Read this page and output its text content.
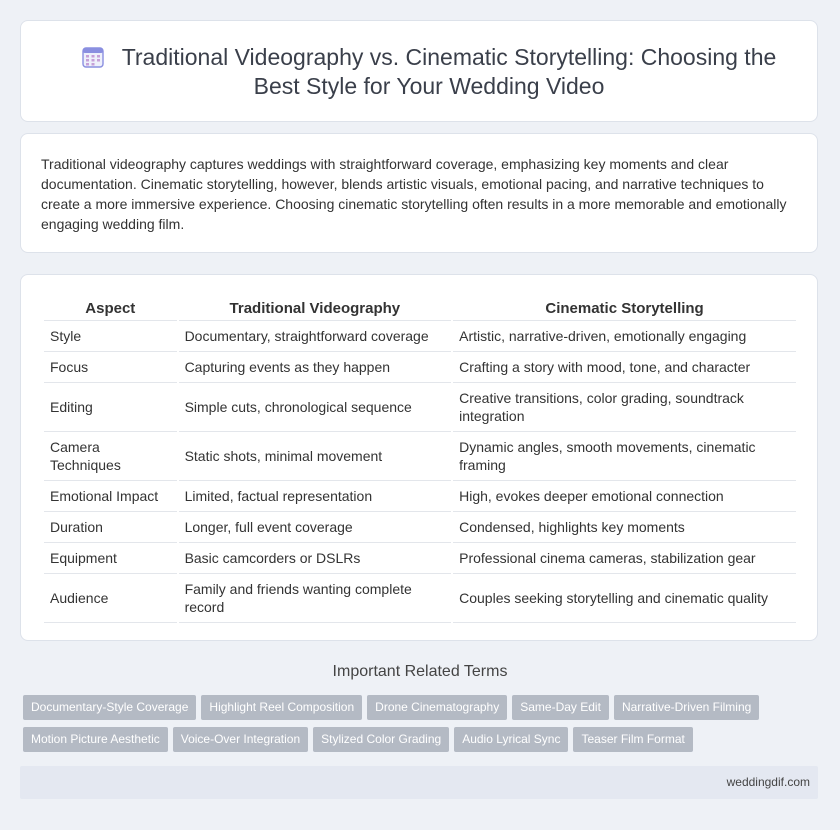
Traditional Videography vs. Cinematic Storytelling: Choosing the Best Style for Your Wedding Video

Traditional videography captures weddings with straightforward coverage, emphasizing key moments and clear documentation. Cinematic storytelling, however, blends artistic visuals, emotional pacing, and narrative techniques to create a more immersive experience. Choosing cinematic storytelling often results in a more memorable and emotionally engaging wedding film.

Aspect	Traditional Videography	Cinematic Storytelling
Style	Documentary, straightforward coverage	Artistic, narrative-driven, emotionally engaging
Focus	Capturing events as they happen	Crafting a story with mood, tone, and character
Editing	Simple cuts, chronological sequence	Creative transitions, color grading, soundtrack integration
Camera Techniques	Static shots, minimal movement	Dynamic angles, smooth movements, cinematic framing
Emotional Impact	Limited, factual representation	High, evokes deeper emotional connection
Duration	Longer, full event coverage	Condensed, highlights key moments
Equipment	Basic camcorders or DSLRs	Professional cinema cameras, stabilization gear
Audience	Family and friends wanting complete record	Couples seeking storytelling and cinematic quality
Important Related Terms
Documentary-Style Coverage Highlight Reel Composition Drone Cinematography Same-Day Edit Narrative-Driven Filming
Motion Picture Aesthetic Voice-Over Integration Stylized Color Grading Audio Lyrical Sync Teaser Film Format
weddingdif.com
